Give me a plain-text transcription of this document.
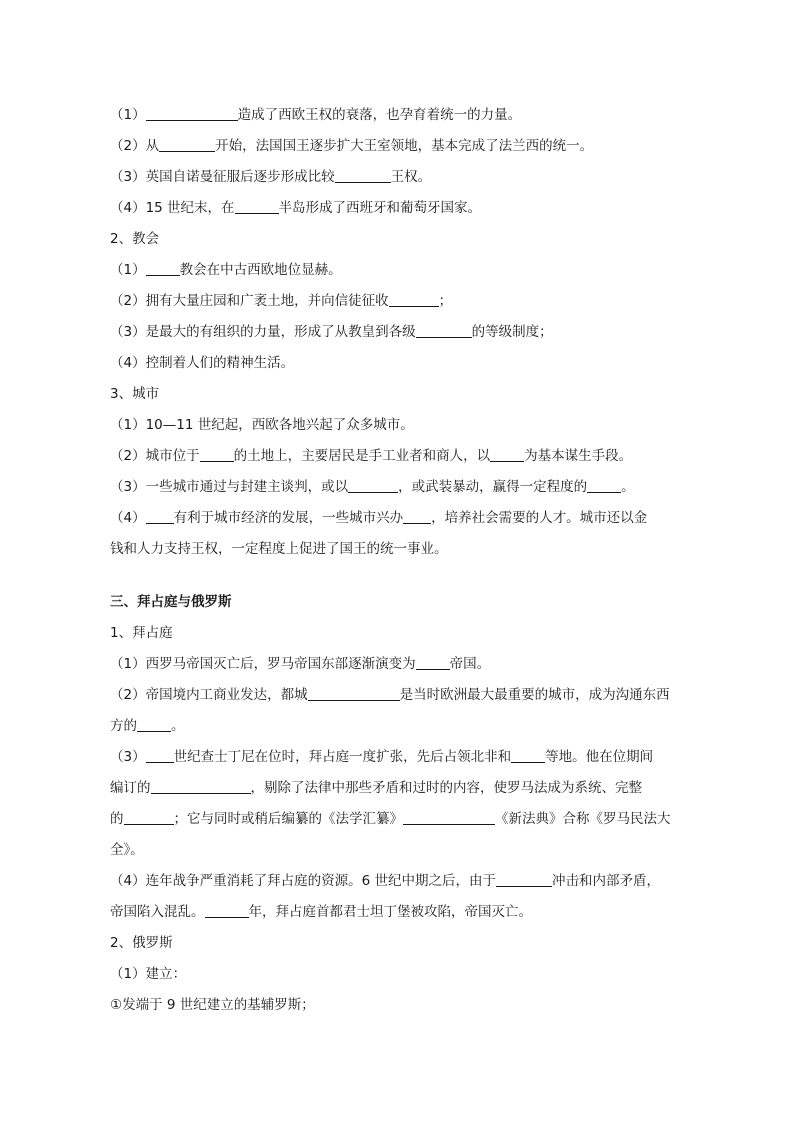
（1）	造成了西欧王权的衰落，也孕育着统一的力量。
（2）从	开始，法国国王逐步扩大王室领地，基本完成了法兰西的统一。
（3）英国自诺曼征服后逐步形成比较	王权。
（4）15 世纪末，在	半岛形成了西班牙和葡萄牙国家。
2、教会
（1）	教会在中古西欧地位显赫。
（2）拥有大量庄园和广袤土地，并向信徒征收	；
（3）是最大的有组织的力量，形成了从教皇到各级	的等级制度；
（4）控制着人们的精神生活。
3、城市
（1）10—11 世纪起，西欧各地兴起了众多城市。
（2）城市位于	的土地上，主要居民是手工业者和商人，以	为基本谋生手段。
（3）一些城市通过与封建主谈判，或以	，或武装暴动，赢得一定程度的	。
（4） 有利于城市经济的发展，一些城市兴办 ，培养社会需要的人才。城市还以金
钱和人力支持王权，一定程度上促进了国王的统一事业。
三、拜占庭与俄罗斯
1、拜占庭
（1）西罗马帝国灭亡后，罗马帝国东部逐渐演变为	帝国。
（2）帝国境内工商业发达，都城	是当时欧洲最大最重要的城市，成为沟通东西
方的	。
（3） 世纪查士丁尼在位时，拜占庭一度扩张，先后占领北非和	等地。他在位期间
编订的	，剔除了法律中那些矛盾和过时的内容，使罗马法成为系统、完整
的	；它与同时或稍后编纂的《法学汇纂》	《新法典》合称《罗马民法大
全》。
（4）连年战争严重消耗了拜占庭的资源。6 世纪中期之后，由于	冲击和内部矛盾，
帝国陷入混乱。	年，拜占庭首都君士坦丁堡被攻陷，帝国灭亡。
2、俄罗斯
（1）建立：
①发端于 9 世纪建立的基辅罗斯；
